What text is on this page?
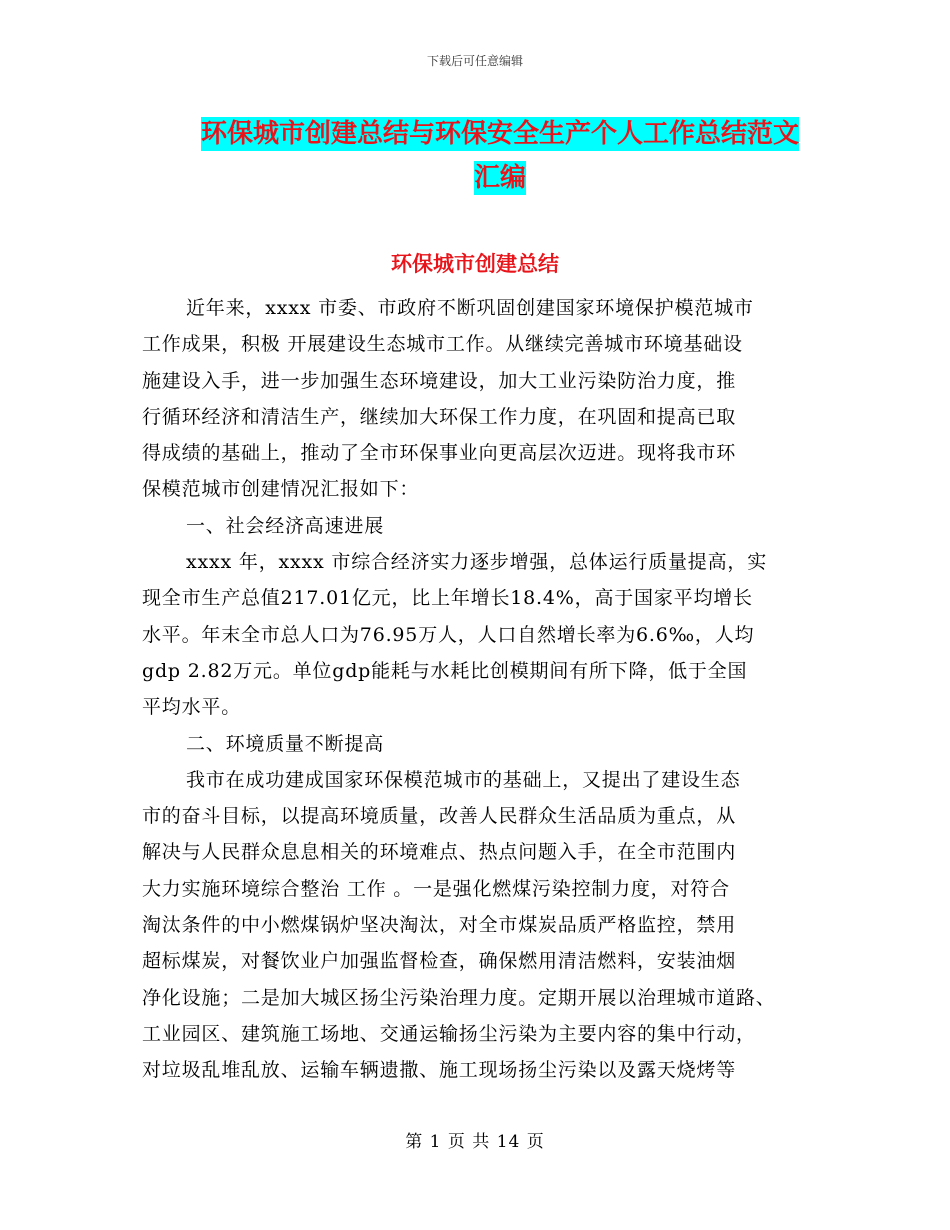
下载后可任意编辑
环保城市创建总结与环保安全生产个人工作总结范文
汇编
环保城市创建总结
近年来，xxxx 市委、市政府不断巩固创建国家环境保护模范城市
工作成果，积极 开展建设生态城市工作。从继续完善城市环境基础设
施建设入手，进一步加强生态环境建设，加大工业污染防治力度，推
行循环经济和清洁生产，继续加大环保工作力度，在巩固和提高已取
得成绩的基础上，推动了全市环保事业向更高层次迈进。现将我市环
保模范城市创建情况汇报如下：
一、社会经济高速进展
xxxx 年，xxxx 市综合经济实力逐步增强，总体运行质量提高，实
现全市生产总值217.01亿元，比上年增长18.4%，高于国家平均增长
水平。年末全市总人口为76.95万人，人口自然增长率为6.6‰，人均
gdp 2.82万元。单位gdp能耗与水耗比创模期间有所下降，低于全国
平均水平。
二、环境质量不断提高
我市在成功建成国家环保模范城市的基础上，又提出了建设生态
市的奋斗目标，以提高环境质量，改善人民群众生活品质为重点，从
解决与人民群众息息相关的环境难点、热点问题入手，在全市范围内
大力实施环境综合整治 工作 。一是强化燃煤污染控制力度，对符合
淘汰条件的中小燃煤锅炉坚决淘汰，对全市煤炭品质严格监控，禁用
超标煤炭，对餐饮业户加强监督检查，确保燃用清洁燃料，安装油烟
净化设施；二是加大城区扬尘污染治理力度。定期开展以治理城市道路、
工业园区、建筑施工场地、交通运输扬尘污染为主要内容的集中行动，
对垃圾乱堆乱放、运输车辆遗撒、施工现场扬尘污染以及露天烧烤等
第 1 页 共 14 页
